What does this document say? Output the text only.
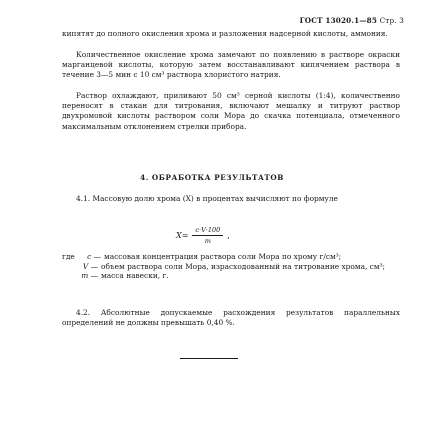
ГОСТ 13020.1—85 Стр. 3
кипятят до полного окисления хрома и разложения надсерной кислоты, аммония.
Количественное окисление хрома замечают по появлению в растворе окраски марганцевой кислоты, которую затем восстанавливают кипячением раствора в течение 3—5 мин с 10 см³ раствора хлористого натрия.
Раствор охлаждают, приливают 50 см³ серной кислоты (1:4), количественно переносят в стакан для титрования, включают мешалку и титруют раствор двухромовой кислоты раствором соли Мора до скачка потенциала, отмеченного максимальным отклонением стрелки прибора.
4. ОБРАБОТКА РЕЗУЛЬТАТОВ
4.1. Массовую долю хрома (X) в процентах вычисляют по формуле
$X= \frac{c\cdot V\cdot 100}{m}$ ,
где	c — массовая концентрация раствора соли Мора по хрому г/см³;
V — объем раствора соли Мора, израсходованный на титрование хрома, см³;
m — масса навески, г.
4.2. Абсолютные допускаемые расхождения результатов параллельных определений не должны превышать 0,40 %.
